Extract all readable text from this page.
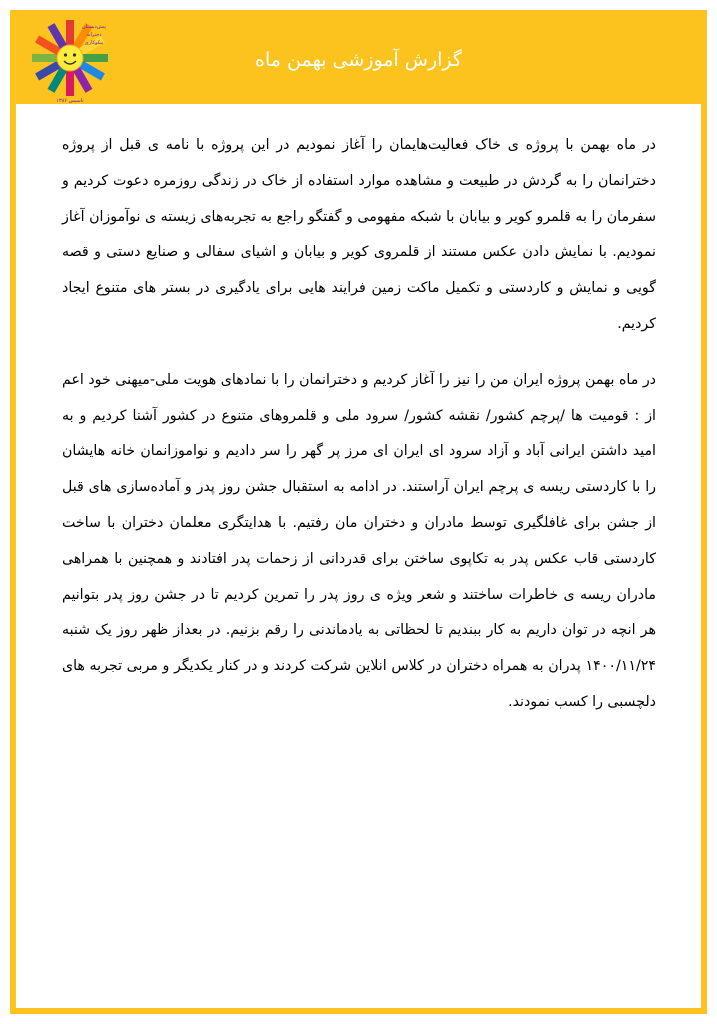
پیش‌دبستان
دخترانه
نیکوکاری
تاسیس ۱۳۸۶
گزارش آموزشی بهمن ماه

در ماه بهمن با پروژه ی خاک فعالیت‌هایمان را آغاز نمودیم در این پروژه با نامه ی قبل از پروژه دخترانمان را به گردش در طبیعت و مشاهده موارد استفاده از خاک در زندگی روزمره دعوت کردیم و سفرمان را به قلمرو کویر و بیابان با شبکه مفهومی و گفتگو راجع به تجربه‌های زیسته ی نوآموزان آغاز نمودیم. با نمایش دادن عکس مستند از قلمروی کویر و بیابان و اشیای سفالی و صنایع دستی و قصه گویی و نمایش و کاردستی و تکمیل ماکت زمین فرایند هایی برای یادگیری در بستر های متنوع ایجاد کردیم.

در ماه بهمن پروژه ایران من را نیز را آغاز کردیم و دخترانمان را با نمادهای هویت ملی-میهنی خود اعم از : قومیت ها /پرچم کشور/ نقشه کشور/ سرود ملی و قلمروهای متنوع در کشور آشنا کردیم و به امید داشتن ایرانی آباد و آزاد سرود ای ایران ای مرز پر گهر را سر دادیم و نواموزانمان خانه هایشان را با کاردستی ریسه ی پرچم ایران آراستند. در ادامه به استقبال جشن روز پدر و آماده‌سازی های قبل از جشن برای غافلگیری توسط مادران و دختران مان رفتیم. با هدایتگری معلمان دختران با ساخت کاردستی قاب عکس پدر به تکاپوی ساختن برای قدردانی از زحمات پدر افتادند و همچنین با همراهی مادران ریسه ی خاطرات ساختند و شعر ویژه ی روز پدر را تمرین کردیم تا در جشن روز پدر بتوانیم هر انچه در توان داریم به کار ببندیم تا لحظاتی به یادماندنی را رقم بزنیم. در بعداز ظهر روز یک شنبه ۱۴۰۰/۱۱/۲۴ پدران به همراه دختران در کلاس انلاین شرکت کردند و در کنار یکدیگر و مربی تجربه های دلچسبی را کسب نمودند.
